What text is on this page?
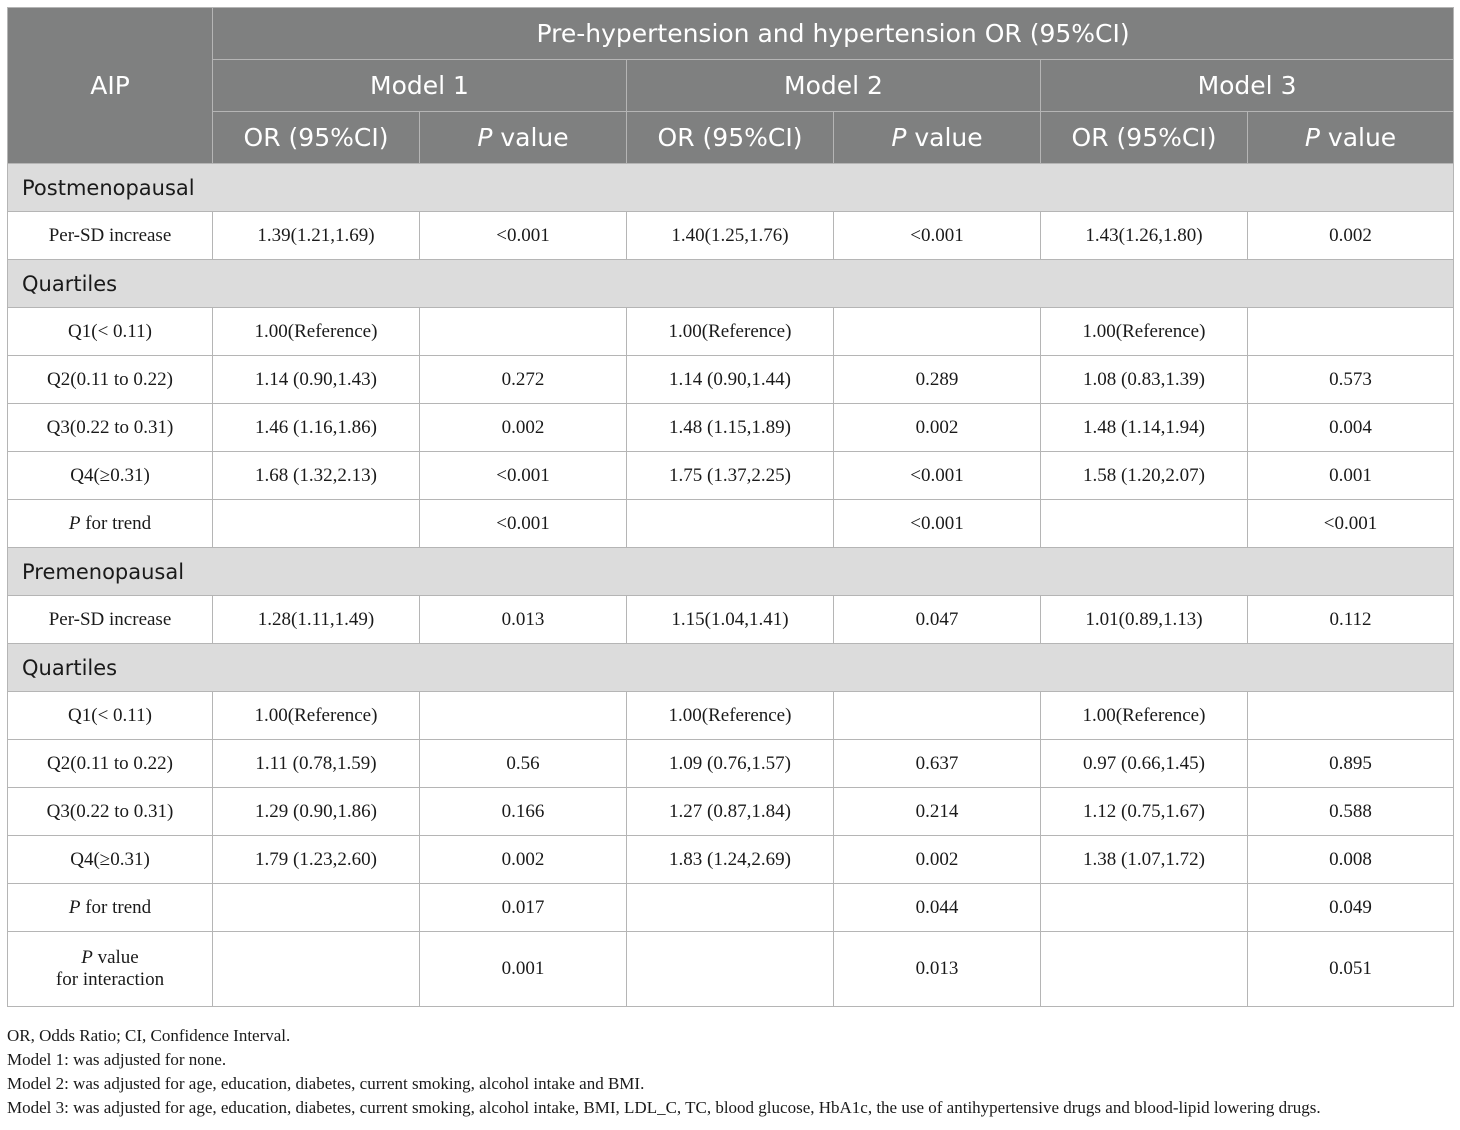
AIP	Pre-hypertension and hypertension OR (95%CI)					
	Model 1		Model 2		Model 3	
	OR (95%CI)	P value	OR (95%CI)	P value	OR (95%CI)	P value
Postmenopausal						
Per-SD increase	1.39(1.21,1.69)	<0.001	1.40(1.25,1.76)	<0.001	1.43(1.26,1.80)	0.002
Quartiles						
Q1(< 0.11)	1.00(Reference)		1.00(Reference)		1.00(Reference)	
Q2(0.11 to 0.22)	1.14 (0.90,1.43)	0.272	1.14 (0.90,1.44)	0.289	1.08 (0.83,1.39)	0.573
Q3(0.22 to 0.31)	1.46 (1.16,1.86)	0.002	1.48 (1.15,1.89)	0.002	1.48 (1.14,1.94)	0.004
Q4(≥0.31)	1.68 (1.32,2.13)	<0.001	1.75 (1.37,2.25)	<0.001	1.58 (1.20,2.07)	0.001
P for trend		<0.001		<0.001		<0.001
Premenopausal						
Per-SD increase	1.28(1.11,1.49)	0.013	1.15(1.04,1.41)	0.047	1.01(0.89,1.13)	0.112
Quartiles						
Q1(< 0.11)	1.00(Reference)		1.00(Reference)		1.00(Reference)	
Q2(0.11 to 0.22)	1.11 (0.78,1.59)	0.56	1.09 (0.76,1.57)	0.637	0.97 (0.66,1.45)	0.895
Q3(0.22 to 0.31)	1.29 (0.90,1.86)	0.166	1.27 (0.87,1.84)	0.214	1.12 (0.75,1.67)	0.588
Q4(≥0.31)	1.79 (1.23,2.60)	0.002	1.83 (1.24,2.69)	0.002	1.38 (1.07,1.72)	0.008
P for trend		0.017		0.044		0.049
P value
for interaction		0.001		0.013		0.051
OR, Odds Ratio; CI, Confidence Interval.
Model 1: was adjusted for none.
Model 2: was adjusted for age, education, diabetes, current smoking, alcohol intake and BMI.
Model 3: was adjusted for age, education, diabetes, current smoking, alcohol intake, BMI, LDL_C, TC, blood glucose, HbA1c, the use of antihypertensive drugs and blood-lipid lowering drugs.
